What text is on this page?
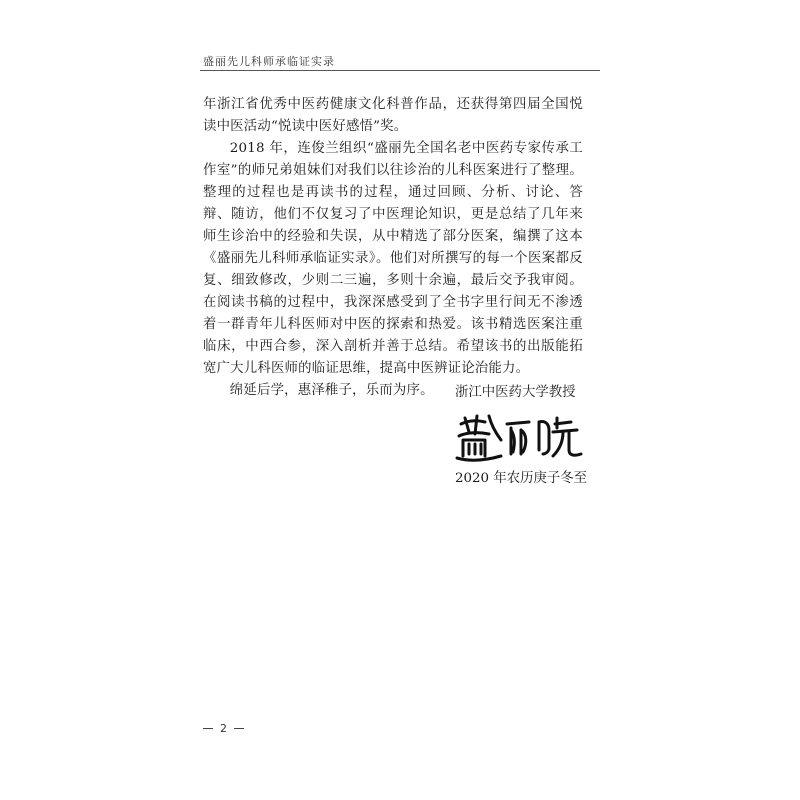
盛丽先儿科师承临证实录

年浙江省优秀中医药健康文化科普作品，还获得第四届全国悦读中医活动“悦读中医好感悟”奖。

2018 年，连俊兰组织“盛丽先全国名老中医药专家传承工作室”的师兄弟姐妹们对我们以往诊治的儿科医案进行了整理。整理的过程也是再读书的过程，通过回顾、分析、讨论、答辩、随访，他们不仅复习了中医理论知识，更是总结了几年来师生诊治中的经验和失误，从中精选了部分医案，编撰了这本《盛丽先儿科师承临证实录》。他们对所撰写的每一个医案都反复、细致修改，少则二三遍，多则十余遍，最后交予我审阅。在阅读书稿的过程中，我深深感受到了全书字里行间无不渗透着一群青年儿科医师对中医的探索和热爱。该书精选医案注重临床，中西合参，深入剖析并善于总结。希望该书的出版能拓宽广大儿科医师的临证思维，提高中医辨证论治能力。

绵延后学，惠泽稚子，乐而为序。	浙江中医药大学教授
2020 年农历庚子冬至
2
